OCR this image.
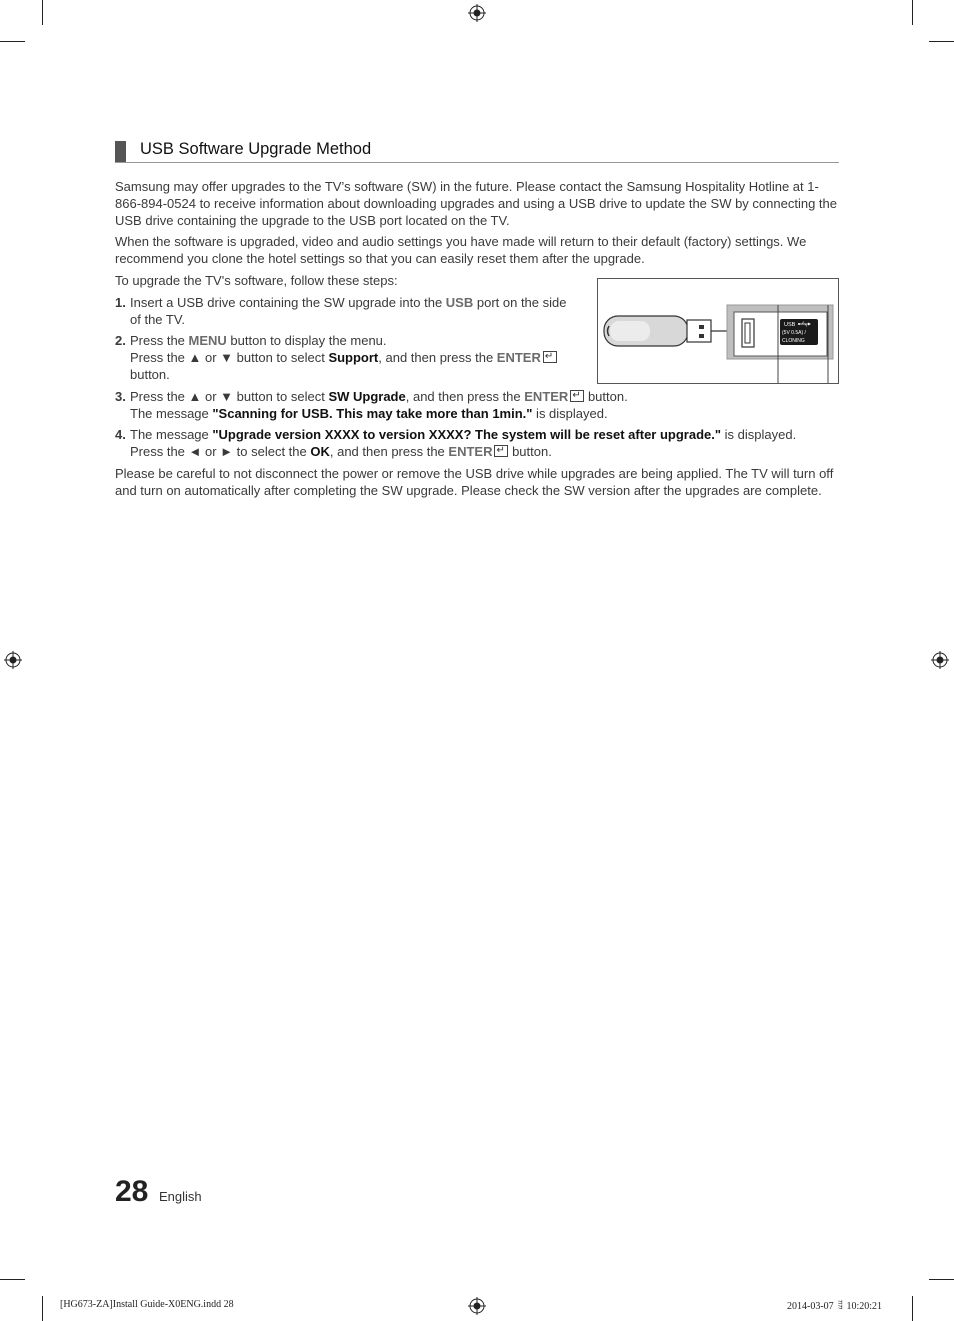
USB Software Upgrade Method
Samsung may offer upgrades to the TV’s software (SW) in the future. Please contact the Samsung Hospitality Hotline at 1-866-894-0524 to receive information about downloading upgrades and using a USB drive to update the SW by connecting the USB drive containing the upgrade to the USB port located on the TV.
When the software is upgraded, video and audio settings you have made will return to their default (factory) settings. We recommend you clone the hotel settings so that you can easily reset them after the upgrade.
To upgrade the TV's software, follow these steps:
1. Insert a USB drive containing the SW upgrade into the USB port on the side
of the TV.
2. Press the MENU button to display the menu.
Press the ▲ or ▼ button to select Support, and then press the ENTER↵
button.
3. Press the ▲ or ▼ button to select SW Upgrade, and then press the ENTER↵ button.
The message "Scanning for USB. This may take more than 1min." is displayed.
4. The message "Upgrade version XXXX to version XXXX? The system will be reset after upgrade." is displayed.
Press the ◄ or ► to select the OK, and then press the ENTER↵ button.
Please be careful to not disconnect the power or remove the USB drive while upgrades are being applied. The TV will turn off and turn on automatically after completing the SW upgrade. Please check the SW version after the upgrades are complete.
USB
(5V 0.5A) /
CLONING
28 English
[HG673-ZA]Install Guide-X0ENG.indd 28	2014-03-07 ꊤ 10:20:21
